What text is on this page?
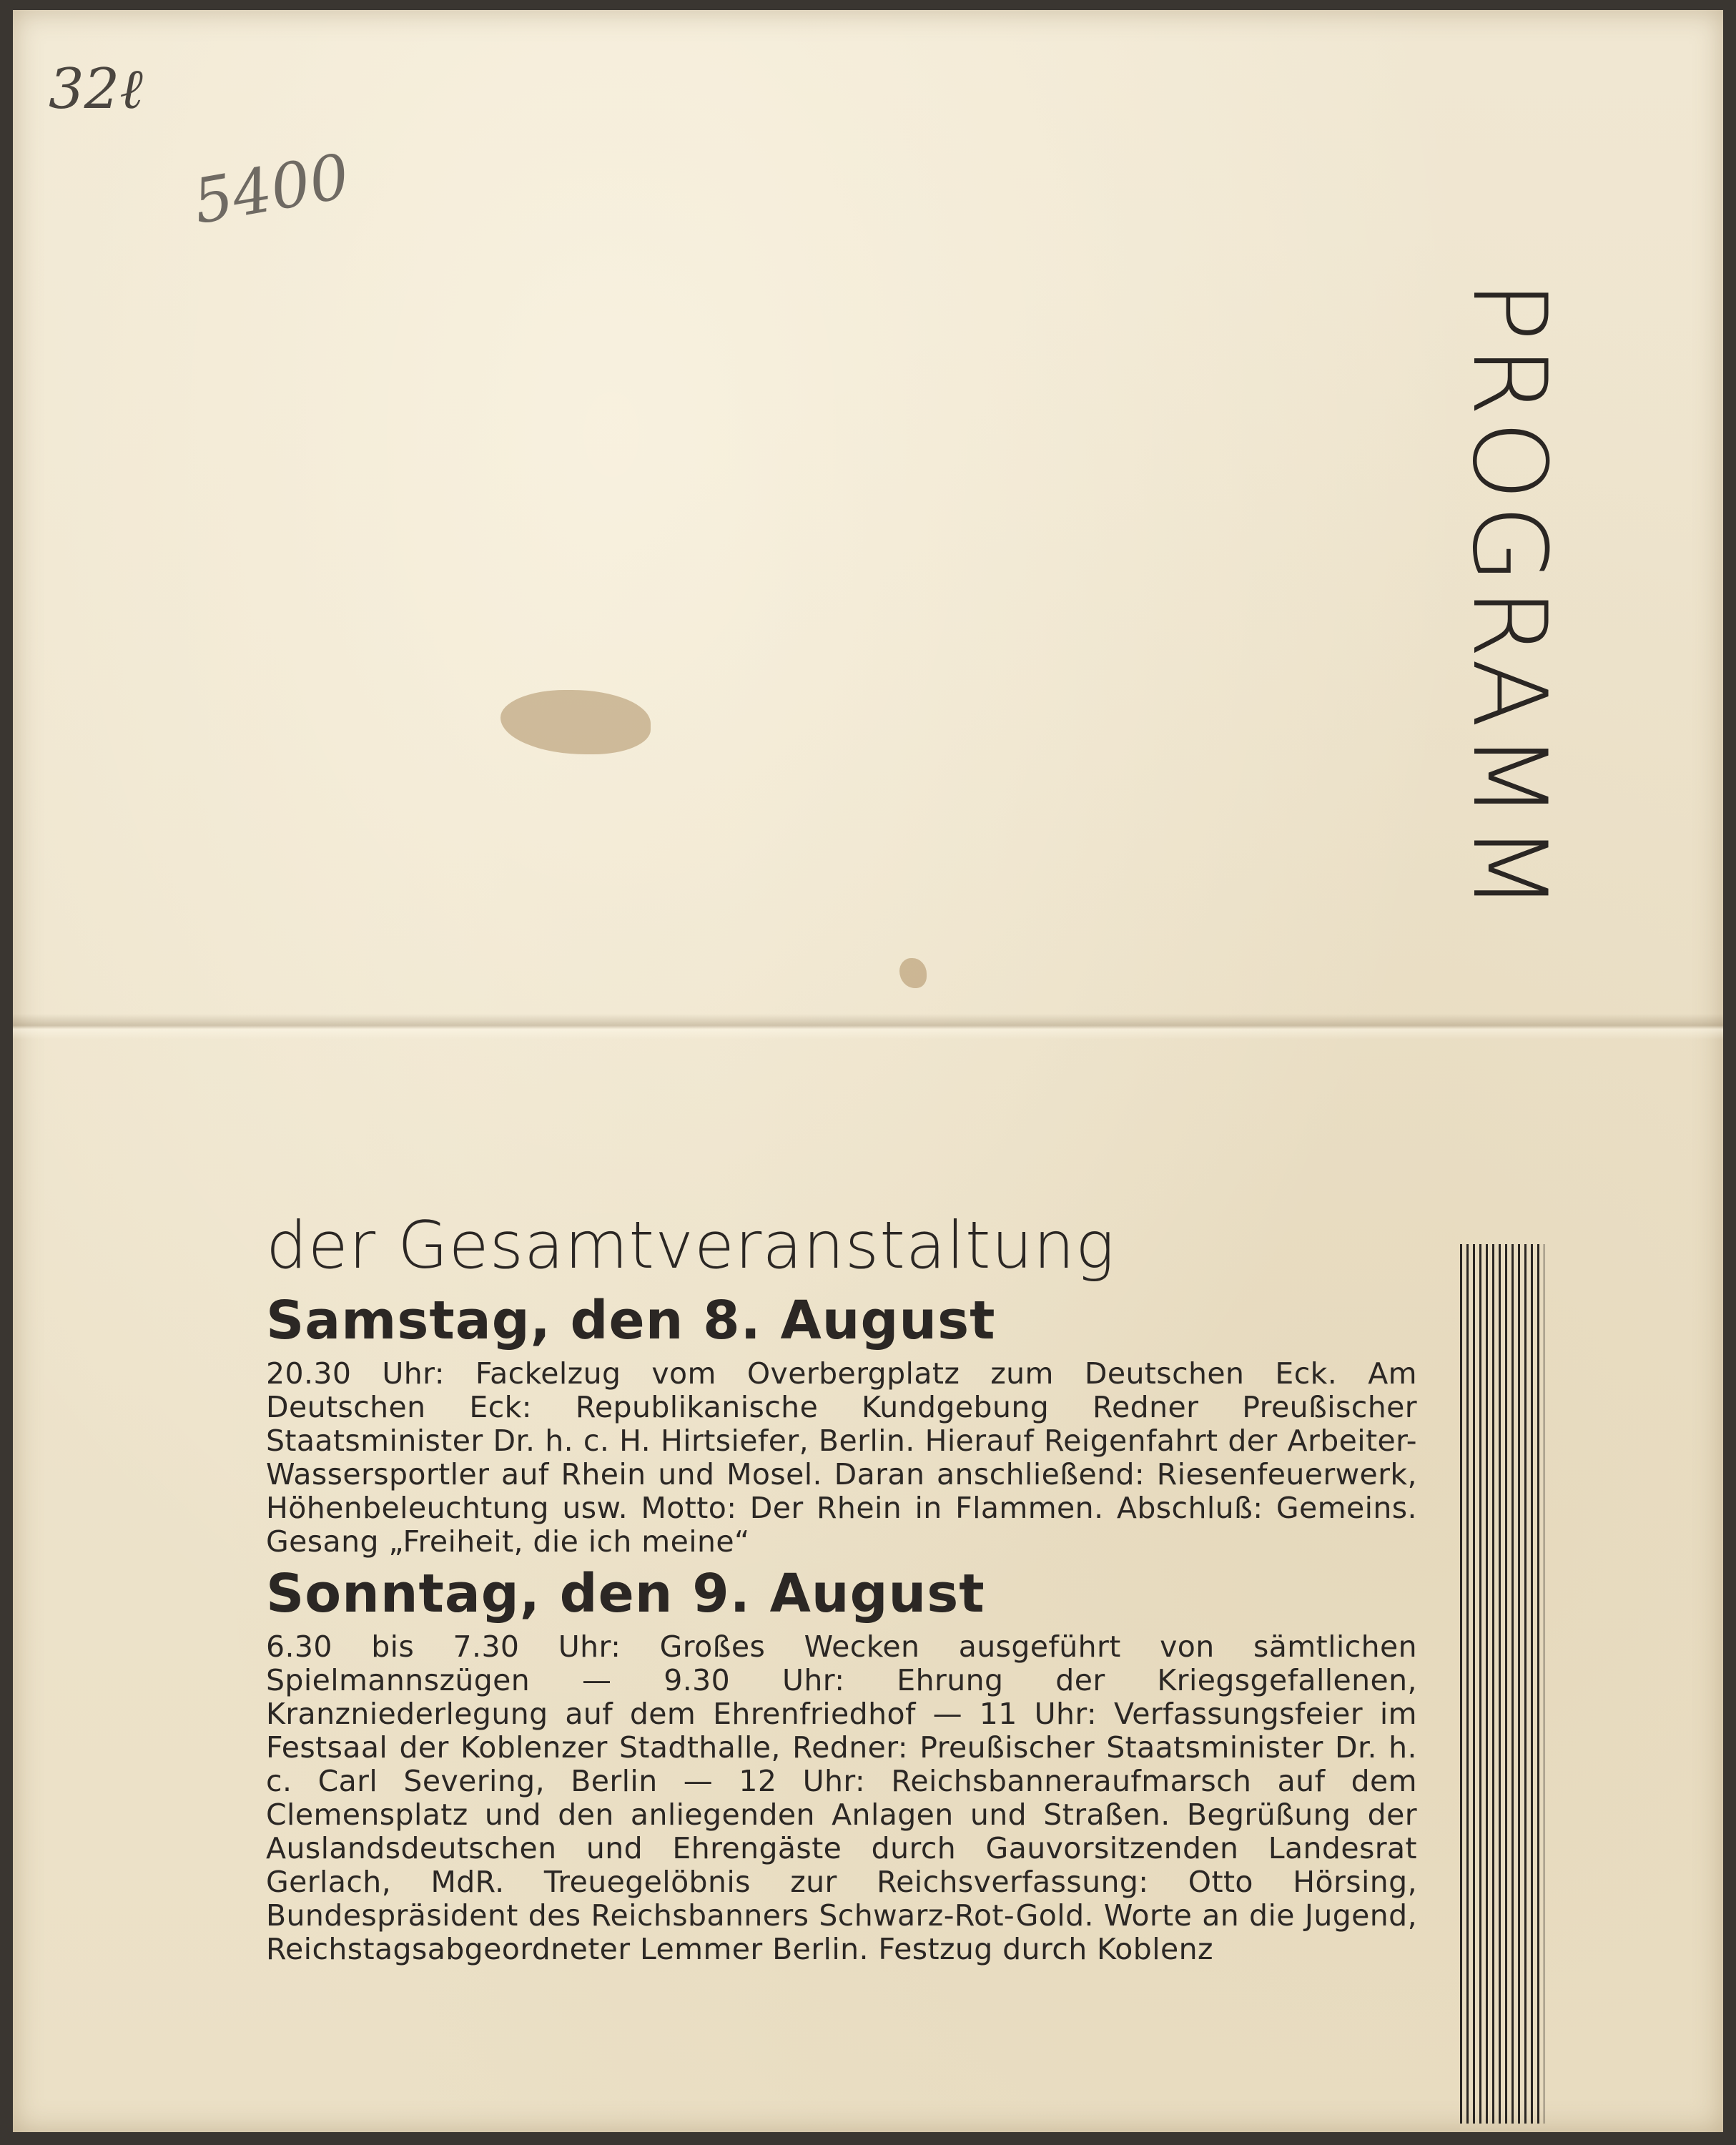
32ℓ
5400
PROGRAMM
der Gesamtveranstaltung
Samstag, den 8. August

20.30 Uhr: Fackelzug vom Overbergplatz zum Deutschen Eck. Am Deutschen Eck: Republikanische Kundgebung Redner Preußischer Staatsminister Dr. h. c. H. Hirtsiefer, Berlin. Hierauf Reigenfahrt der Arbeiter-Wassersportler auf Rhein und Mosel. Daran anschließend: Riesenfeuerwerk, Höhenbeleuchtung usw. Motto: Der Rhein in Flammen. Abschluß: Gemeins. Gesang „Freiheit, die ich meine“

Sonntag, den 9. August

6.30 bis 7.30 Uhr: Großes Wecken ausgeführt von sämtlichen Spielmannszügen — 9.30 Uhr: Ehrung der Kriegsgefallenen, Kranzniederlegung auf dem Ehrenfriedhof — 11 Uhr: Verfassungsfeier im Festsaal der Koblenzer Stadthalle, Redner: Preußischer Staatsminister Dr. h. c. Carl Severing, Berlin — 12 Uhr: Reichsbanneraufmarsch auf dem Clemensplatz und den anliegenden Anlagen und Straßen. Begrüßung der Auslandsdeutschen und Ehrengäste durch Gauvorsitzenden Landesrat Gerlach, MdR. Treuegelöbnis zur Reichsverfassung: Otto Hörsing, Bundespräsident des Reichsbanners Schwarz-Rot-Gold. Worte an die Jugend, Reichstagsabgeordneter Lemmer Berlin. Festzug durch Koblenz
